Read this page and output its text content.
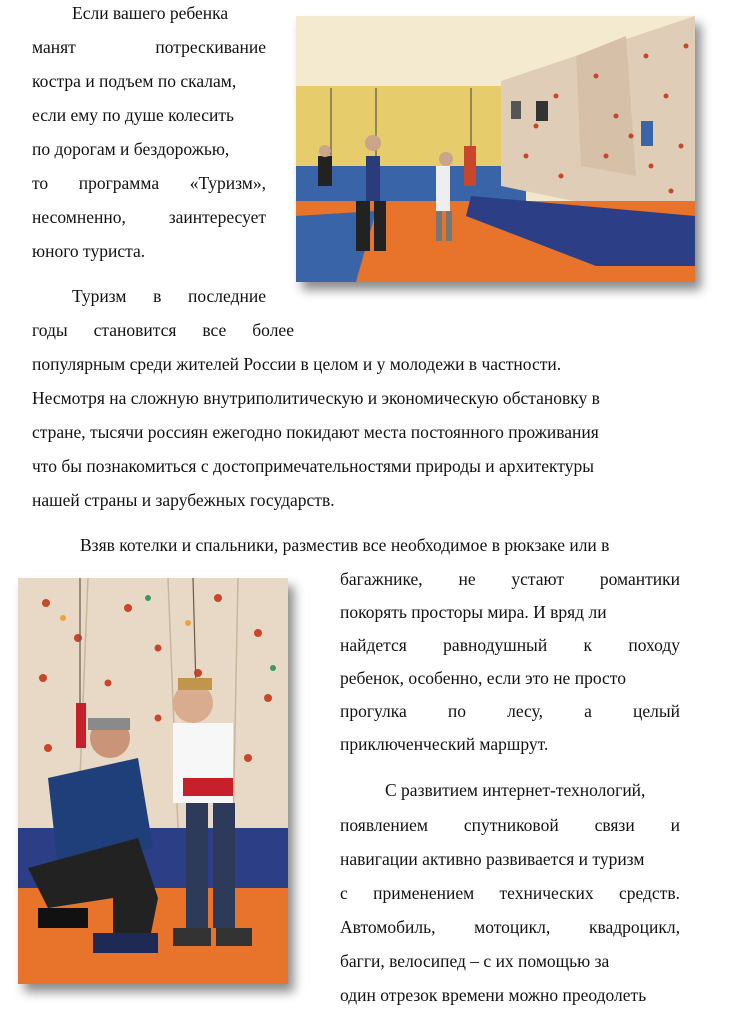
Если вашего ребенка
манят	потрескивание
костра и подъем по скалам,
если ему по душе колесить
по дорогам и бездорожью,
то программа «Туризм»,
несомненно, заинтересует
юного туриста.
Туризм в последние
годы становится все более
популярным среди жителей России в целом и у молодежи в частности.
Несмотря на сложную внутриполитическую и экономическую обстановку в
стране, тысячи россиян ежегодно покидают места постоянного проживания
что бы познакомиться с достопримечательностями природы и архитектуры
нашей страны и зарубежных государств.
Взяв котелки и спальники, разместив все необходимое в рюкзаке или в
багажнике, не устают романтики
покорять просторы мира. И вряд ли
найдется равнодушный к походу
ребенок, особенно, если это не просто
прогулка по лесу, а целый
приключенческий маршрут.
С развитием интернет-технологий,
появлением спутниковой связи и
навигации активно развивается и туризм
с применением технических средств.
Автомобиль, мотоцикл, квадроцикл,
багги, велосипед – с их помощью за
один отрезок времени можно преодолеть
